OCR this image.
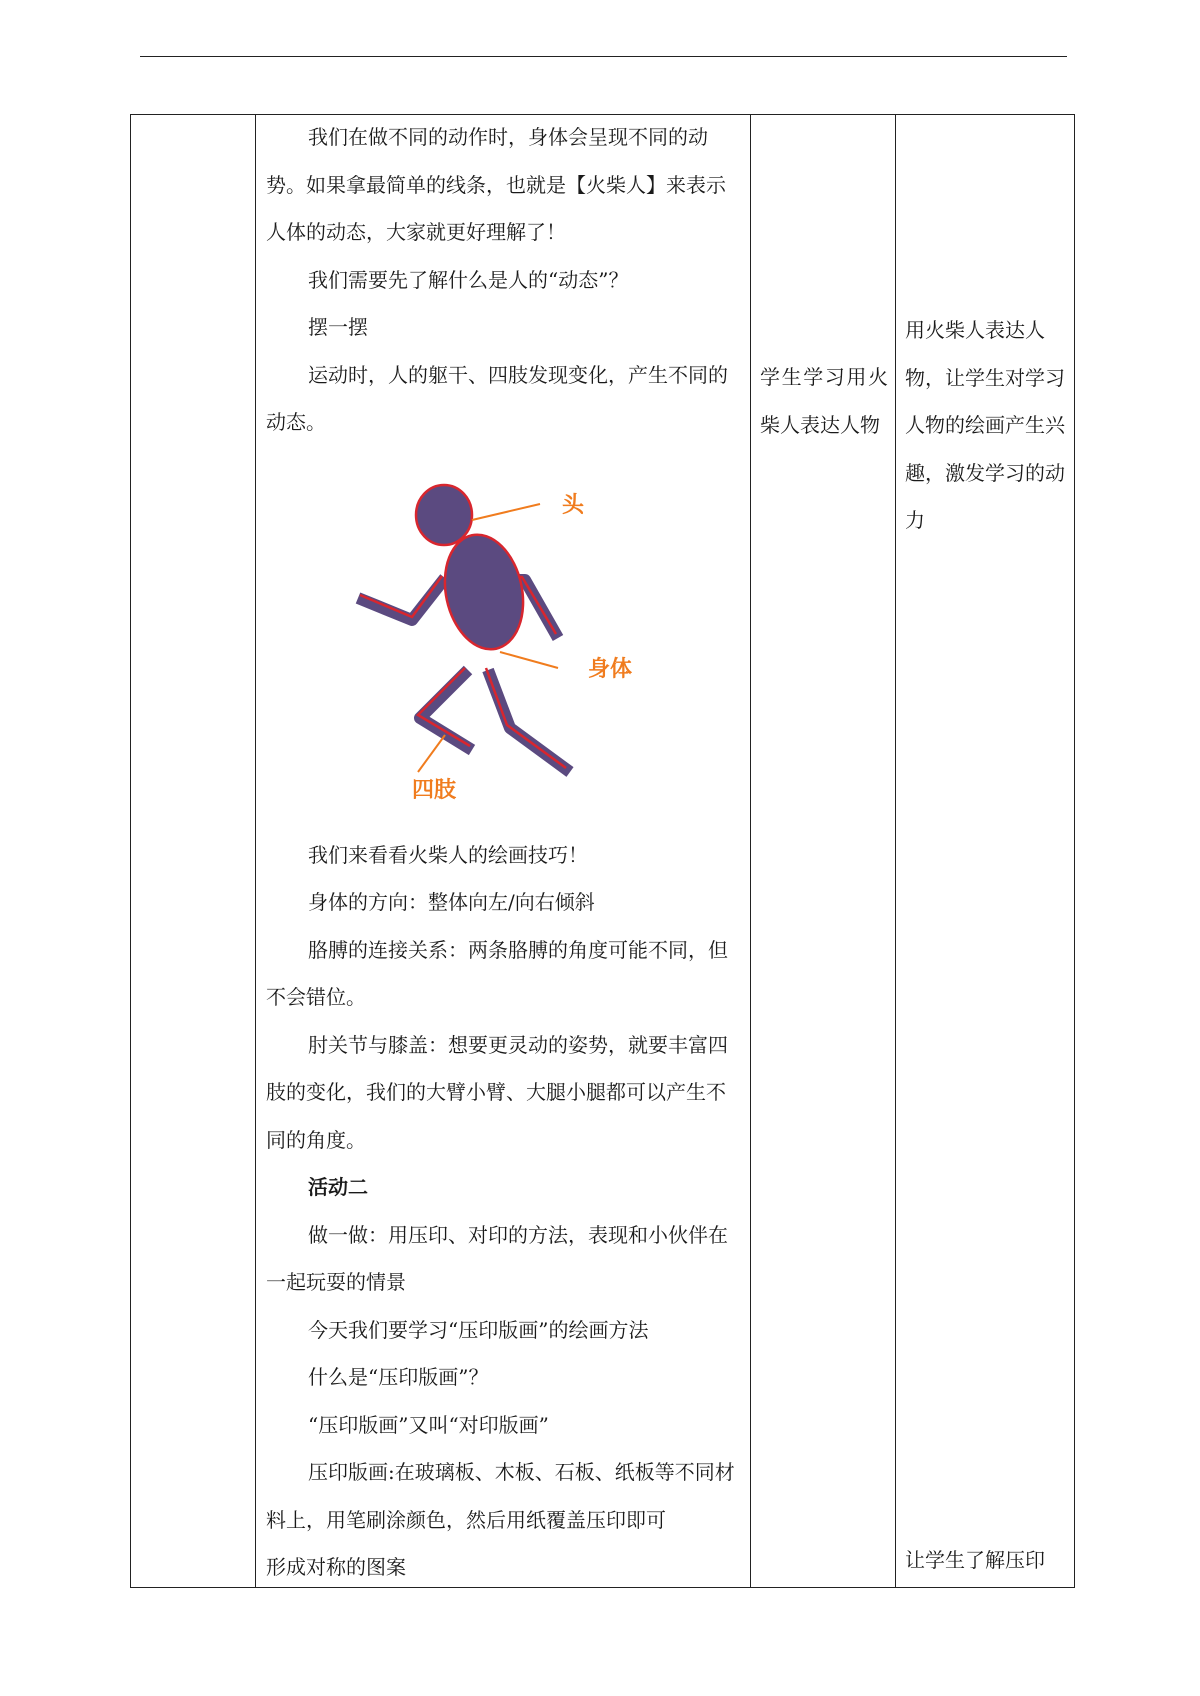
我们在做不同的动作时，身体会呈现不同的动势。如果拿最简单的线条，也就是【火柴人】来表示人体的动态，大家就更好理解了！

我们需要先了解什么是人的“动态”？

摆一摆

运动时，人的躯干、四肢发现变化，产生不同的动态。

我们来看看火柴人的绘画技巧！

身体的方向：整体向左/向右倾斜

胳膊的连接关系：两条胳膊的角度可能不同，但不会错位。

肘关节与膝盖：想要更灵动的姿势，就要丰富四肢的变化，我们的大臂小臂、大腿小腿都可以产生不同的角度。

活动二

做一做：用压印、对印的方法，表现和小伙伴在一起玩耍的情景

今天我们要学习“压印版画”的绘画方法

什么是“压印版画”？

“压印版画”又叫“对印版画”

压印版画:在玻璃板、木板、石板、纸板等不同材料上，用笔刷涂颜色，然后用纸覆盖压印即可

形成对称的图案

头
身体
四肢
学生学习用火柴人表达人物
用火柴人表达人物，让学生对学习人物的绘画产生兴趣，激发学习的动力
让学生了解压印
